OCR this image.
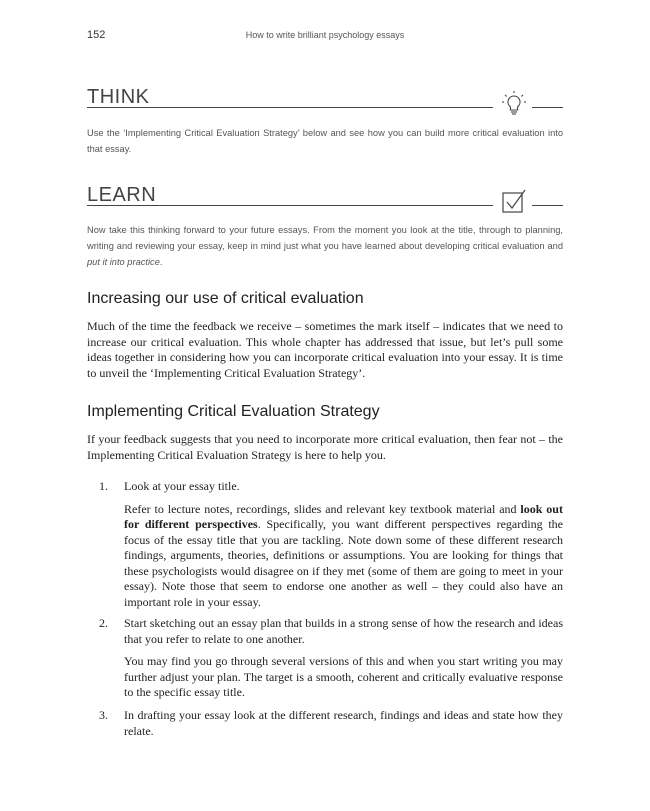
152	How to write brilliant psychology essays
THINK

Use the ‘Implementing Critical Evaluation Strategy’ below and see how you can build more critical evaluation into that essay.

LEARN

Now take this thinking forward to your future essays. From the moment you look at the title, through to planning, writing and reviewing your essay, keep in mind just what you have learned about developing critical evaluation and put it into practice.

Increasing our use of critical evaluation

Much of the time the feedback we receive – sometimes the mark itself – indicates that we need to increase our critical evaluation. This whole chapter has addressed that issue, but let’s pull some ideas together in considering how you can incorporate critical evaluation into your essay. It is time to unveil the ‘Implementing Critical Evaluation Strategy’.

Implementing Critical Evaluation Strategy

If your feedback suggests that you need to incorporate more critical evaluation, then fear not – the Implementing Critical Evaluation Strategy is here to help you.

1. Look at your essay title.
Refer to lecture notes, recordings, slides and relevant key textbook material and look out for different perspectives. Specifically, you want different perspectives regarding the focus of the essay title that you are tackling. Note down some of these different research findings, arguments, theories, definitions or assumptions. You are looking for things that these psychologists would disagree on if they met (some of them are going to meet in your essay). Note those that seem to endorse one another as well – they could also have an important role in your essay.
2. Start sketching out an essay plan that builds in a strong sense of how the research and ideas that you refer to relate to one another.
You may find you go through several versions of this and when you start writing you may further adjust your plan. The target is a smooth, coherent and critically evaluative response to the specific essay title.
3. In drafting your essay look at the different research, findings and ideas and state how they relate.
